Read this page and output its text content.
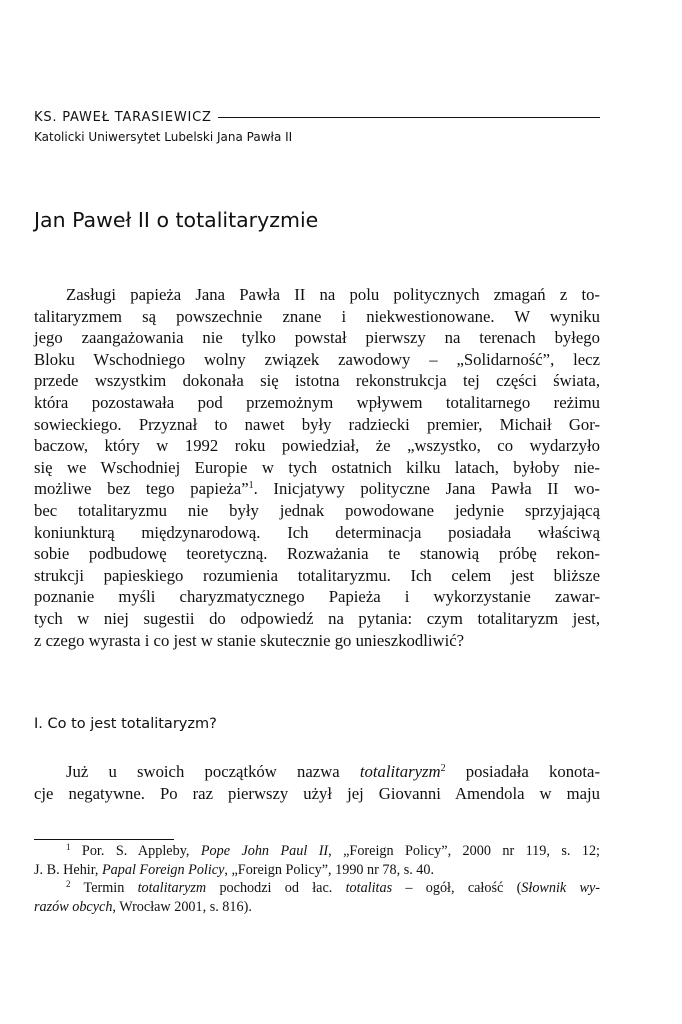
KS. PAWEŁ TARASIEWICZ
Katolicki Uniwersytet Lubelski Jana Pawła II
Jan Paweł II o totalitaryzmie

Zasługi papieża Jana Pawła II na polu politycznych zmagań z to-
talitaryzmem są powszechnie znane i niekwestionowane. W wyniku
jego zaangażowania nie tylko powstał pierwszy na terenach byłego
Bloku Wschodniego wolny związek zawodowy – „Solidarność”, lecz
przede wszystkim dokonała się istotna rekonstrukcja tej części świata,
która pozostawała pod przemożnym wpływem totalitarnego reżimu
sowieckiego. Przyznał to nawet były radziecki premier, Michaił Gor-
baczow, który w 1992 roku powiedział, że „wszystko, co wydarzyło
się we Wschodniej Europie w tych ostatnich kilku latach, byłoby nie-
możliwe bez tego papieża”$^1$. Inicjatywy polityczne Jana Pawła II wo-
bec totalitaryzmu nie były jednak powodowane jedynie sprzyjającą
koniunkturą międzynarodową. Ich determinacja posiadała właściwą
sobie podbudowę teoretyczną. Rozważania te stanowią próbę rekon-
strukcji papieskiego rozumienia totalitaryzmu. Ich celem jest bliższe
poznanie myśli charyzmatycznego Papieża i wykorzystanie zawar-
tych w niej sugestii do odpowiedź na pytania: czym totalitaryzm jest,
z czego wyrasta i co jest w stanie skutecznie go unieszkodliwić?

I. Co to jest totalitaryzm?

Już u swoich początków nazwa totalitaryzm$^2$ posiadała konota-
cje negatywne. Po raz pierwszy użył jej Giovanni Amendola w maju

$^1$ Por. S. Appleby, Pope John Paul II, „Foreign Policy”, 2000 nr 119, s. 12;
J. B. Hehir, Papal Foreign Policy, „Foreign Policy”, 1990 nr 78, s. 40.
$^2$ Termin totalitaryzm pochodzi od łac. totalitas – ogół, całość (Słownik wy-
razów obcych, Wrocław 2001, s. 816).
